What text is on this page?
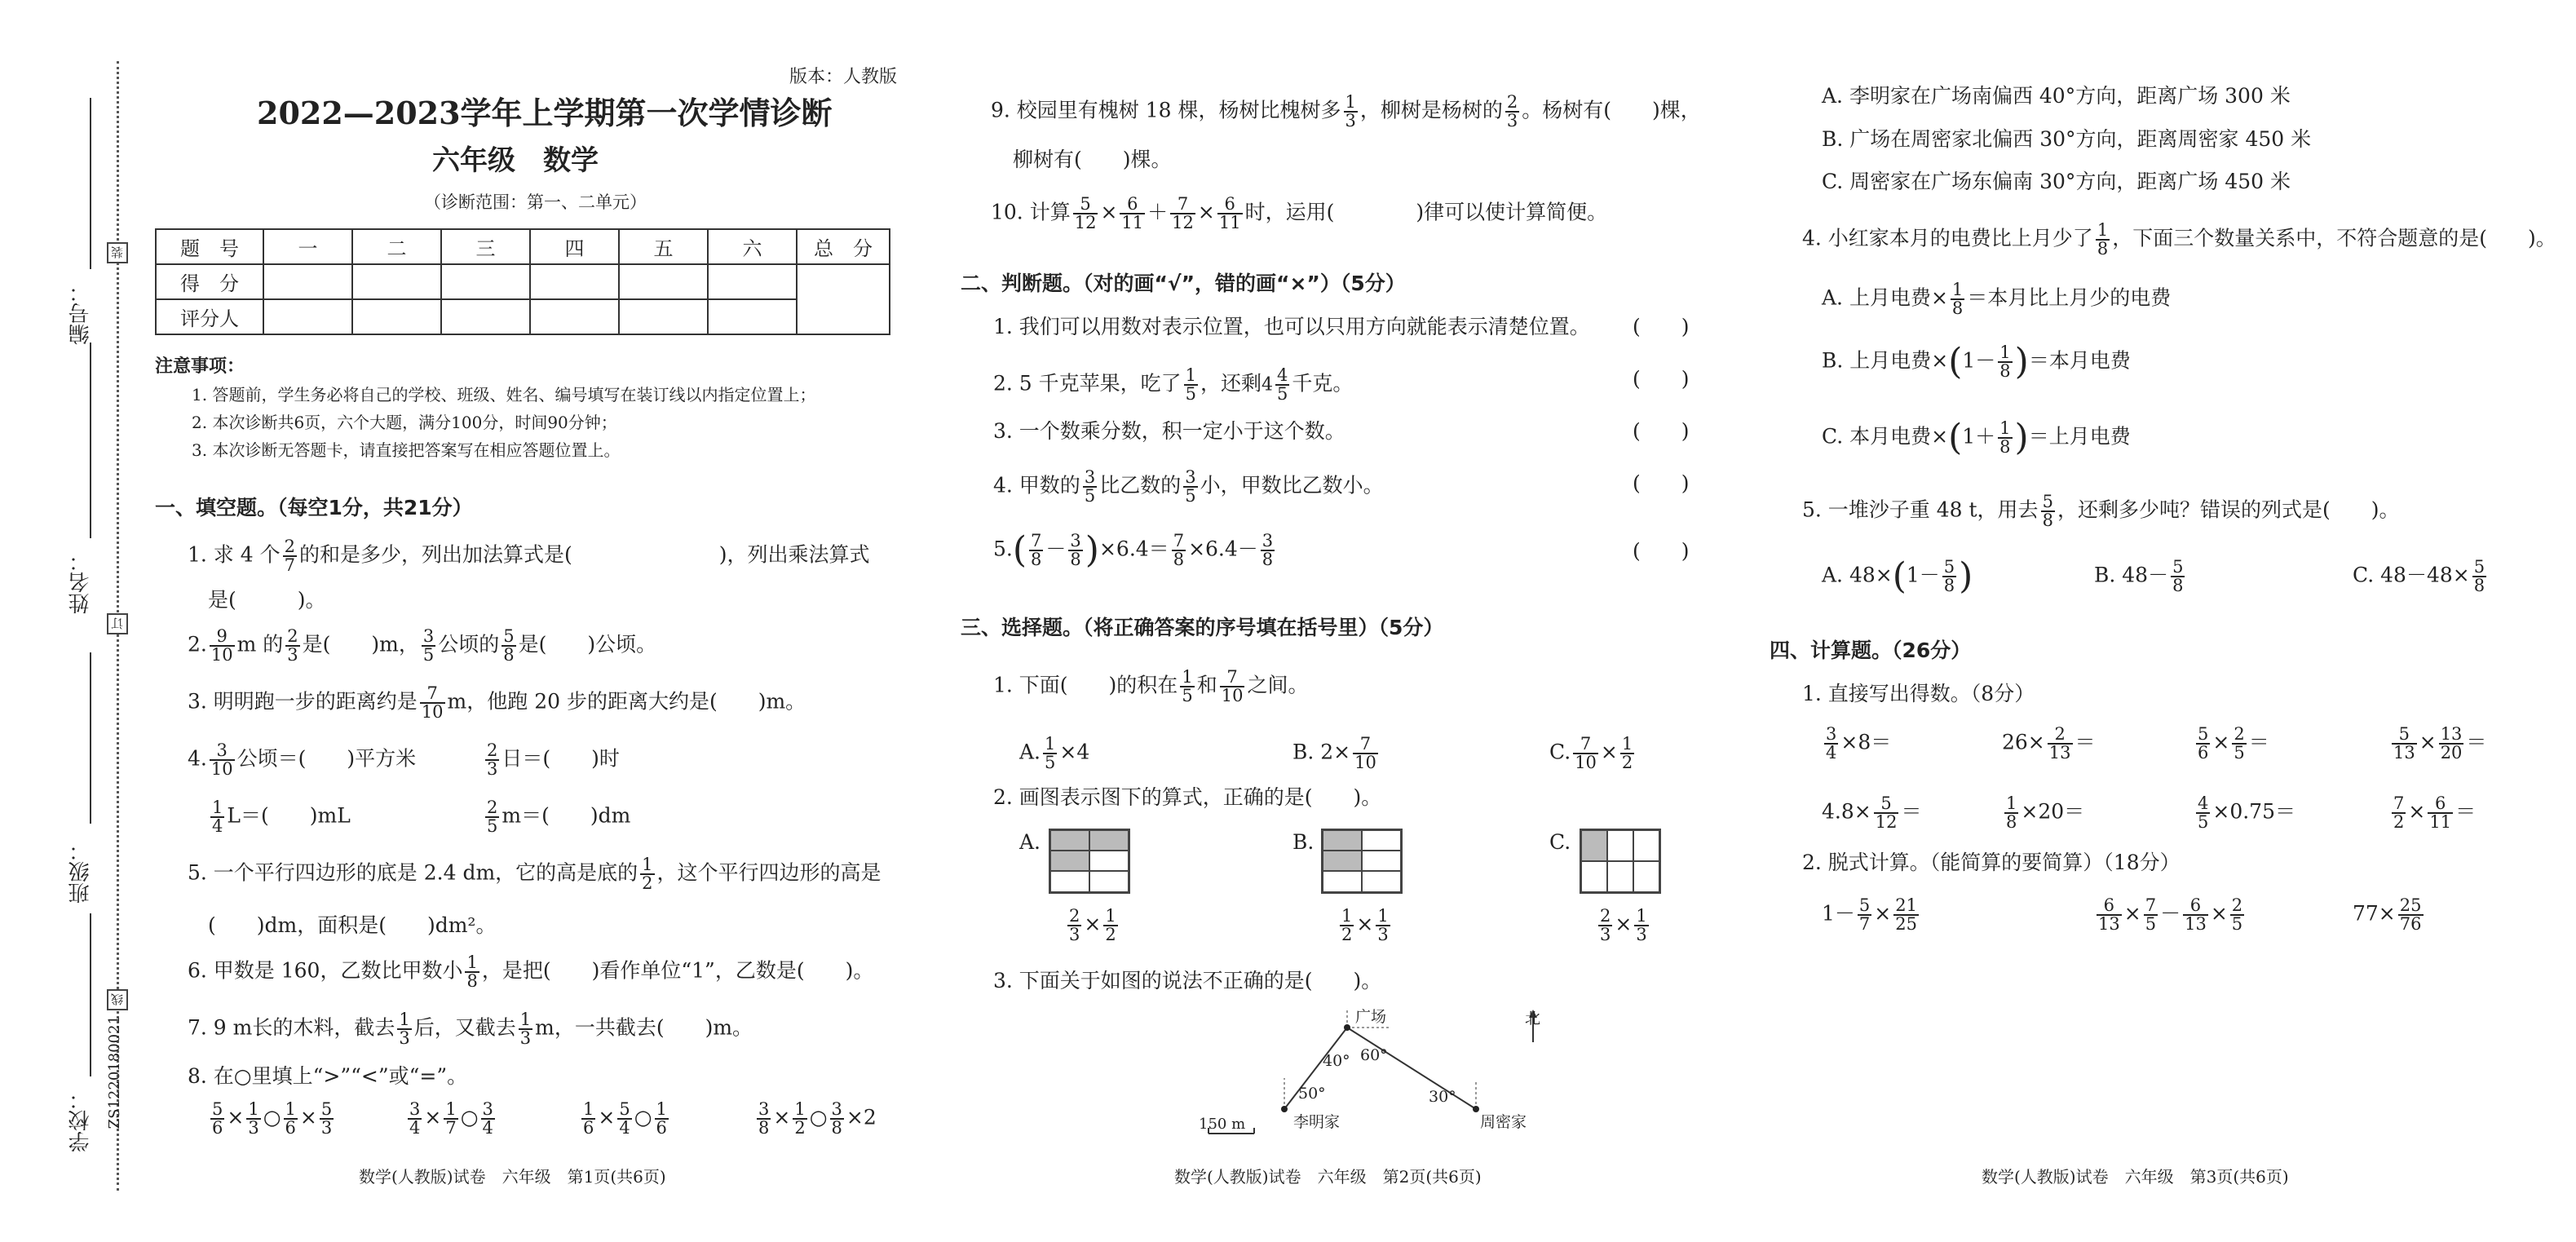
装
订
线
编号：
姓名：
班级：
学校： ZS1220180021
版本：人教版
2022—2023学年上学期第一次学情诊断
六年级　数学
（诊断范围：第一、二单元）
题　号	一	二	三	四	五	六	总　分
得　分							
评分人							
注意事项：
1. 答题前，学生务必将自己的学校、班级、姓名、编号填写在装订线以内指定位置上；
2. 本次诊断共6页，六个大题，满分100分，时间90分钟；
3. 本次诊断无答题卡，请直接把答案写在相应答题位置上。
一、填空题。（每空1分，共21分）
1. 求 4 个 $\frac{2}{7}$ 的和是多少，列出加法算式是(	)，列出乘法算式
是(　　　)。
2. $\frac{9}{10}$ m 的 $\frac{2}{3}$ 是(　　)m， $\frac{3}{5}$ 公顷的 $\frac{5}{8}$ 是(　　)公顷。
3. 明明跑一步的距离约是 $\frac{7}{10}$ m，他跑 20 步的距离大约是(　　)m。
4. $\frac{3}{10}$ 公顷＝(　　)平方米	$\frac{2}{3}$ 日＝(　　)时
$\frac{1}{4} L=$(　　)mL	$\frac{2}{5} m=$(　　)dm
5. 一个平行四边形的底是 2.4 dm，它的高是底的 $\frac{1}{2}$ ，这个平行四边形的高是
(　　)dm，面积是(　　)dm²。
6. 甲数是 160，乙数比甲数小 $\frac{1}{8}$ ，是把(　　)看作单位“1”，乙数是(　　)。
7. 9 m长的木料，截去 $\frac{1}{3}$ 后，又截去 $\frac{1}{3}$ m，一共截去(　　)m。
8. 在○里填上“>”“<”或“=”。
$\frac{5}{6} \times \frac{1}{3}$ ○ $\frac{1}{6} \times \frac{5}{3}$	$\frac{3}{4} \times \frac{1}{7}$ ○ $\frac{3}{4}$	$\frac{1}{6} \times \frac{5}{4}$ ○ $\frac{1}{6}$	$\frac{3}{8} \times \frac{1}{2}$ ○ $\frac{3}{8} \times 2$
数学(人教版)试卷　六年级　第1页(共6页)
9. 校园里有槐树 18 棵，杨树比槐树多 $\frac{1}{3}$ ，柳树是杨树的 $\frac{2}{3}$ 。杨树有(　　)棵，
柳树有(　　)棵。
10. 计算 $\frac{5}{12} \times \frac{6}{11} + \frac{7}{12} \times \frac{6}{11}$ 时，运用(　　　　)律可以使计算简便。
二、判断题。（对的画“√”，错的画“×”）（5分）
1. 我们可以用数对表示位置，也可以只用方向就能表示清楚位置。
2. 5 千克苹果，吃了 $\frac{1}{5}$ ，还剩$4 \frac{4}{5}$ 千克。
3. 一个数乘分数，积一定小于这个数。
4. 甲数的 $\frac{3}{5}$ 比乙数的 $\frac{3}{5}$ 小，甲数比乙数小。
$5.( \frac{7}{8} - \frac{3}{8} )\times 6.4= \frac{7}{8} \times 6.4- \frac{3}{8}$
(　　)
(　　)
(　　)
(　　)
(　　)
三、选择题。（将正确答案的序号填在括号里）（5分）
1. 下面(　　)的积在 $\frac{1}{5}$ 和 $\frac{7}{10}$ 之间。
A. $\frac{1}{5} \times 4$	B. $2\times \frac{7}{10}$	C. $\frac{7}{10} \times \frac{1}{2}$
2. 画图表示图下的算式，正确的是(　　)。
A.	B.	C.
$\frac{2}{3} \times \frac{1}{2}$	$\frac{1}{2} \times \frac{1}{3}$	$\frac{2}{3} \times \frac{1}{3}$
3. 下面关于如图的说法不正确的是(　　)。
广场	北
40° 60°
50°	30°
李明家	周密家
150 m
数学(人教版)试卷　六年级　第2页(共6页)
A. 李明家在广场南偏西 40°方向，距离广场 300 米
B. 广场在周密家北偏西 30°方向，距离周密家 450 米
C. 周密家在广场东偏南 30°方向，距离广场 450 米
4. 小红家本月的电费比上月少了 $\frac{1}{8}$ ，下面三个数量关系中，不符合题意的是(　　)。
A. 上月电费× $\frac{1}{8}$ ＝本月比上月少的电费
B. 上月电费$\times(1- \frac{1}{8}$ )＝本月电费
C. 本月电费$\times(1+ \frac{1}{8}$ )＝上月电费
5. 一堆沙子重 48 t，用去 $\frac{5}{8}$ ，还剩多少吨？错误的列式是(　　)。
A. $48\times(1- \frac{5}{8}$ )	B. $48- \frac{5}{8}$	C. $48-48\times \frac{5}{8}$
四、计算题。（26分）
1. 直接写出得数。（8分）
$\frac{3}{4} \times 8=$	$26\times \frac{2}{13}$ ＝	$\frac{5}{6} \times \frac{2}{5}$ ＝	$\frac{5}{13} \times \frac{13}{20}$ ＝
$4.8\times \frac{5}{12}$ ＝	$\frac{1}{8} \times 20=$	$\frac{4}{5} \times 0.75=$	$\frac{7}{2} \times \frac{6}{11}$ ＝
2. 脱式计算。（能简算的要简算）（18分）
$1- \frac{5}{7} \times \frac{21}{25}$	$\frac{6}{13} \times \frac{7}{5} - \frac{6}{13} \times \frac{2}{5}$	$77\times \frac{25}{76}$
数学(人教版)试卷　六年级　第3页(共6页)
